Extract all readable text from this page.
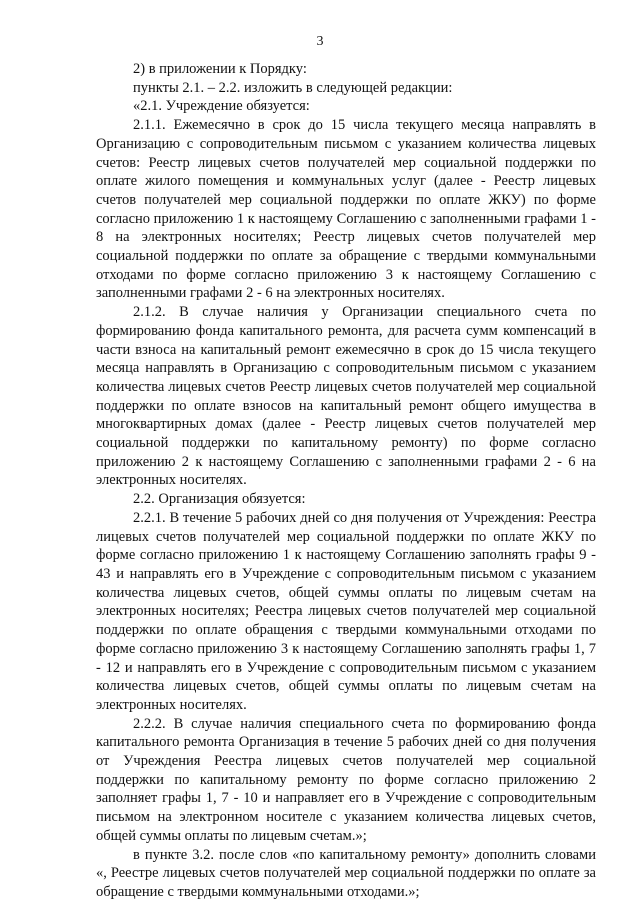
3

2) в приложении к Порядку:

пункты 2.1. – 2.2. изложить в следующей редакции:

«2.1. Учреждение обязуется:

2.1.1. Ежемесячно в срок до 15 числа текущего месяца направлять в Организацию с сопроводительным письмом с указанием количества лицевых счетов: Реестр лицевых счетов получателей мер социальной поддержки по оплате жилого помещения и коммунальных услуг (далее - Реестр лицевых счетов получателей мер социальной поддержки по оплате ЖКУ) по форме согласно приложению 1 к настоящему Соглашению с заполненными графами 1 - 8 на электронных носителях; Реестр лицевых счетов получателей мер социальной поддержки по оплате за обращение с твердыми коммунальными отходами по форме согласно приложению 3 к настоящему Соглашению с заполненными графами 2 - 6 на электронных носителях.

2.1.2. В случае наличия у Организации специального счета по формированию фонда капитального ремонта, для расчета сумм компенсаций в части взноса на капитальный ремонт ежемесячно в срок до 15 числа текущего месяца направлять в Организацию с сопроводительным письмом с указанием количества лицевых счетов Реестр лицевых счетов получателей мер социальной поддержки по оплате взносов на капитальный ремонт общего имущества в многоквартирных домах (далее - Реестр лицевых счетов получателей мер социальной поддержки по капитальному ремонту) по форме согласно приложению 2 к настоящему Соглашению с заполненными графами 2 - 6 на электронных носителях.

2.2. Организация обязуется:

2.2.1. В течение 5 рабочих дней со дня получения от Учреждения: Реестра лицевых счетов получателей мер социальной поддержки по оплате ЖКУ по форме согласно приложению 1 к настоящему Соглашению заполнять графы 9 - 43 и направлять его в Учреждение с сопроводительным письмом с указанием количества лицевых счетов, общей суммы оплаты по лицевым счетам на электронных носителях; Реестра лицевых счетов получателей мер социальной поддержки по оплате обращения с твердыми коммунальными отходами по форме согласно приложению 3 к настоящему Соглашению заполнять графы 1, 7 - 12 и направлять его в Учреждение с сопроводительным письмом с указанием количества лицевых счетов, общей суммы оплаты по лицевым счетам на электронных носителях.

2.2.2. В случае наличия специального счета по формированию фонда капитального ремонта Организация в течение 5 рабочих дней со дня получения от Учреждения Реестра лицевых счетов получателей мер социальной поддержки по капитальному ремонту по форме согласно приложению 2 заполняет графы 1, 7 - 10 и направляет его в Учреждение с сопроводительным письмом на электронном носителе с указанием количества лицевых счетов, общей суммы оплаты по лицевым счетам.»;

в пункте 3.2. после слов «по капитальному ремонту» дополнить словами «, Реестре лицевых счетов получателей мер социальной поддержки по оплате за обращение с твердыми коммунальными отходами.»;
